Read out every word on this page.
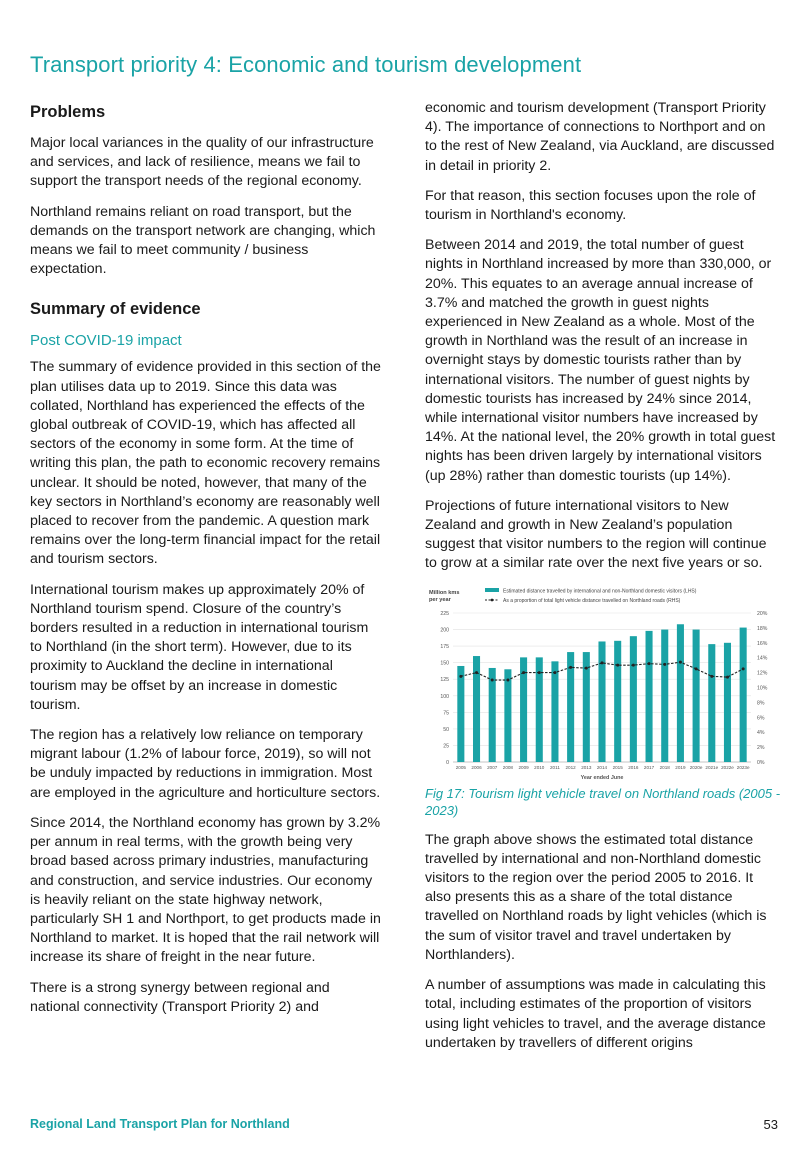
Transport priority 4: Economic and tourism development
Problems

Major local variances in the quality of our infrastructure and services, and lack of resilience, means we fail to support the transport needs of the regional economy.

Northland remains reliant on road transport, but the demands on the transport network are changing, which means we fail to meet community / business expectation.

Summary of evidence
Post COVID-19 impact

The summary of evidence provided in this section of the plan utilises data up to 2019. Since this data was collated, Northland has experienced the effects of the global outbreak of COVID-19, which has affected all sectors of the economy in some form. At the time of writing this plan, the path to economic recovery remains unclear. It should be noted, however, that many of the key sectors in Northland’s economy are reasonably well placed to recover from the pandemic. A question mark remains over the long-term financial impact for the retail and tourism sectors.

International tourism makes up approximately 20% of Northland tourism spend. Closure of the country’s borders resulted in a reduction in international tourism to Northland (in the short term). However, due to its proximity to Auckland the decline in international tourism may be offset by an increase in domestic tourism.

The region has a relatively low reliance on temporary migrant labour (1.2% of labour force, 2019), so will not be unduly impacted by reductions in immigration. Most are employed in the agriculture and horticulture sectors.

Since 2014, the Northland economy has grown by 3.2% per annum in real terms, with the growth being very broad based across primary industries, manufacturing and construction, and service industries. Our economy is heavily reliant on the state highway network, particularly SH 1 and Northport, to get products made in Northland to market. It is hoped that the rail network will increase its share of freight in the near future.

There is a strong synergy between regional and national connectivity (Transport Priority 2) and

economic and tourism development (Transport Priority 4). The importance of connections to Northport and on to the rest of New Zealand, via Auckland, are discussed in detail in priority 2.

For that reason, this section focuses upon the role of tourism in Northland's economy.

Between 2014 and 2019, the total number of guest nights in Northland increased by more than 330,000, or 20%. This equates to an average annual increase of 3.7% and matched the growth in guest nights experienced in New Zealand as a whole. Most of the growth in Northland was the result of an increase in overnight stays by domestic tourists rather than by international visitors. The number of guest nights by domestic tourists has increased by 24% since 2014, while international visitor numbers have increased by 14%. At the national level, the 20% growth in total guest nights has been driven largely by international visitors (up 28%) rather than domestic tourists (up 14%).

Projections of future international visitors to New Zealand and growth in New Zealand’s population suggest that visitor numbers to the region will continue to grow at a similar rate over the next five years or so.

Million kms
per year
Estimated distance travelled by international and non-Northland domestic visitors (LHS)
As a proportion of total light vehicle distance travelled on Northland roads (RHS)
0
25
50
75
100
125
150
175
200
225
0%
2%
4%
6%
8%
10%
12%
14%
16%
18%
20%
2005 2006 2007 2008 2009 2010 2011 2012 2013 2014 2015 2016 2017 2018 2019 2020e 2021e 2022e 2023e
Year ended June
Fig 17: Tourism light vehicle travel on Northland roads (2005 - 2023)

The graph above shows the estimated total distance travelled by international and non-Northland domestic visitors to the region over the period 2005 to 2016. It also presents this as a share of the total distance travelled on Northland roads by light vehicles (which is the sum of visitor travel and travel undertaken by Northlanders).

A number of assumptions was made in calculating this total, including estimates of the proportion of visitors using light vehicles to travel, and the average distance undertaken by travellers of different origins

Regional Land Transport Plan for Northland	53
